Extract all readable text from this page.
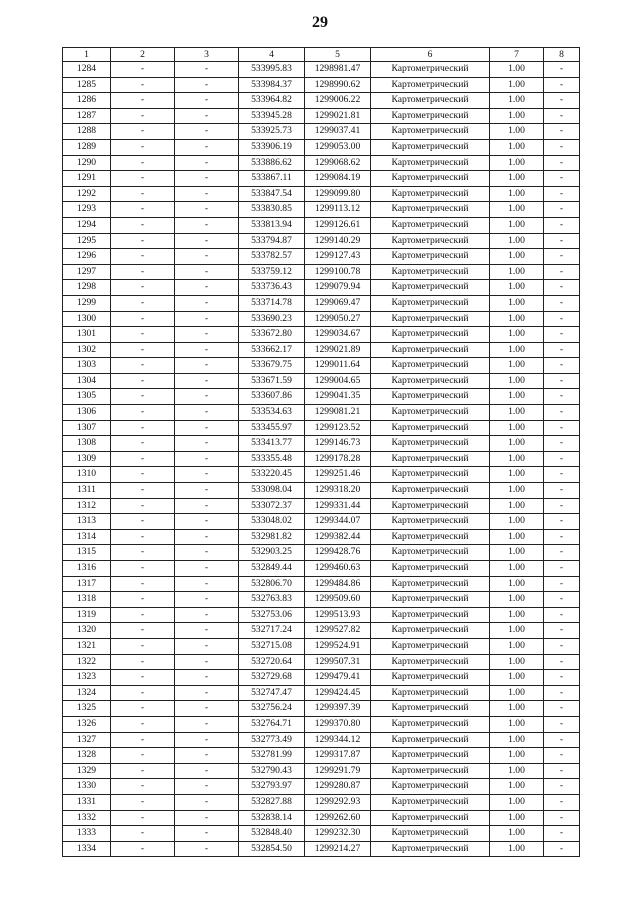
29
1	2	3	4	5	6	7	8
1284	-	-	533995.83	1298981.47	Картометрический	1.00	-
1285	-	-	533984.37	1298990.62	Картометрический	1.00	-
1286	-	-	533964.82	1299006.22	Картометрический	1.00	-
1287	-	-	533945.28	1299021.81	Картометрический	1.00	-
1288	-	-	533925.73	1299037.41	Картометрический	1.00	-
1289	-	-	533906.19	1299053.00	Картометрический	1.00	-
1290	-	-	533886.62	1299068.62	Картометрический	1.00	-
1291	-	-	533867.11	1299084.19	Картометрический	1.00	-
1292	-	-	533847.54	1299099.80	Картометрический	1.00	-
1293	-	-	533830.85	1299113.12	Картометрический	1.00	-
1294	-	-	533813.94	1299126.61	Картометрический	1.00	-
1295	-	-	533794.87	1299140.29	Картометрический	1.00	-
1296	-	-	533782.57	1299127.43	Картометрический	1.00	-
1297	-	-	533759.12	1299100.78	Картометрический	1.00	-
1298	-	-	533736.43	1299079.94	Картометрический	1.00	-
1299	-	-	533714.78	1299069.47	Картометрический	1.00	-
1300	-	-	533690.23	1299050.27	Картометрический	1.00	-
1301	-	-	533672.80	1299034.67	Картометрический	1.00	-
1302	-	-	533662.17	1299021.89	Картометрический	1.00	-
1303	-	-	533679.75	1299011.64	Картометрический	1.00	-
1304	-	-	533671.59	1299004.65	Картометрический	1.00	-
1305	-	-	533607.86	1299041.35	Картометрический	1.00	-
1306	-	-	533534.63	1299081.21	Картометрический	1.00	-
1307	-	-	533455.97	1299123.52	Картометрический	1.00	-
1308	-	-	533413.77	1299146.73	Картометрический	1.00	-
1309	-	-	533355.48	1299178.28	Картометрический	1.00	-
1310	-	-	533220.45	1299251.46	Картометрический	1.00	-
1311	-	-	533098.04	1299318.20	Картометрический	1.00	-
1312	-	-	533072.37	1299331.44	Картометрический	1.00	-
1313	-	-	533048.02	1299344.07	Картометрический	1.00	-
1314	-	-	532981.82	1299382.44	Картометрический	1.00	-
1315	-	-	532903.25	1299428.76	Картометрический	1.00	-
1316	-	-	532849.44	1299460.63	Картометрический	1.00	-
1317	-	-	532806.70	1299484.86	Картометрический	1.00	-
1318	-	-	532763.83	1299509.60	Картометрический	1.00	-
1319	-	-	532753.06	1299513.93	Картометрический	1.00	-
1320	-	-	532717.24	1299527.82	Картометрический	1.00	-
1321	-	-	532715.08	1299524.91	Картометрический	1.00	-
1322	-	-	532720.64	1299507.31	Картометрический	1.00	-
1323	-	-	532729.68	1299479.41	Картометрический	1.00	-
1324	-	-	532747.47	1299424.45	Картометрический	1.00	-
1325	-	-	532756.24	1299397.39	Картометрический	1.00	-
1326	-	-	532764.71	1299370.80	Картометрический	1.00	-
1327	-	-	532773.49	1299344.12	Картометрический	1.00	-
1328	-	-	532781.99	1299317.87	Картометрический	1.00	-
1329	-	-	532790.43	1299291.79	Картометрический	1.00	-
1330	-	-	532793.97	1299280.87	Картометрический	1.00	-
1331	-	-	532827.88	1299292.93	Картометрический	1.00	-
1332	-	-	532838.14	1299262.60	Картометрический	1.00	-
1333	-	-	532848.40	1299232.30	Картометрический	1.00	-
1334	-	-	532854.50	1299214.27	Картометрический	1.00	-
